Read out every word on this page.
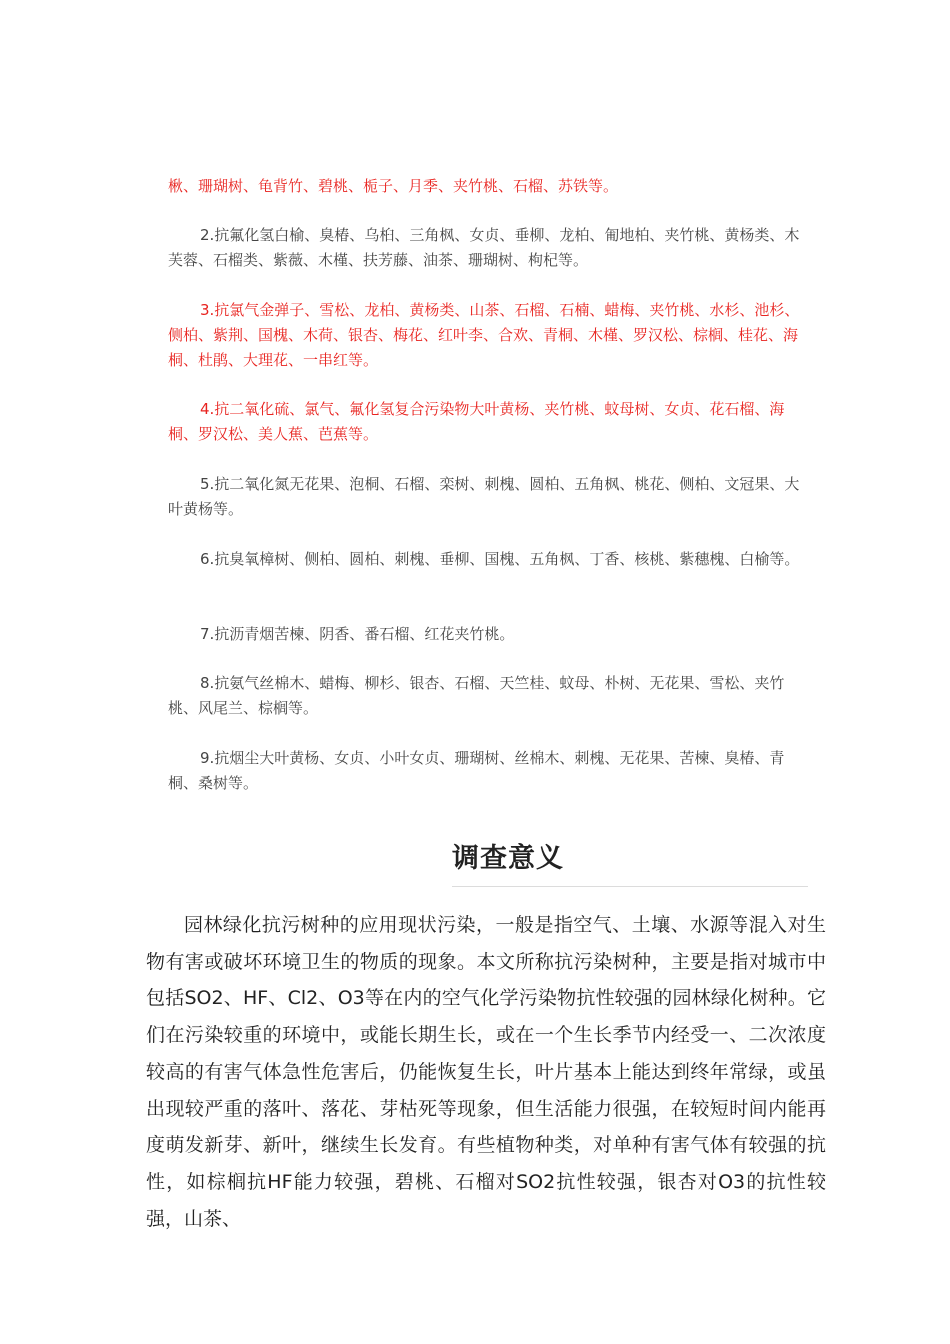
楸、珊瑚树、龟背竹、碧桃、栀子、月季、夹竹桃、石榴、苏铁等。

2.抗氟化氢白榆、臭椿、乌桕、三角枫、女贞、垂柳、龙柏、匍地柏、夹竹桃、黄杨类、木芙蓉、石榴类、紫薇、木槿、扶芳藤、油茶、珊瑚树、枸杞等。

3.抗氯气金弹子、雪松、龙柏、黄杨类、山茶、石榴、石楠、蜡梅、夹竹桃、水杉、池杉、侧柏、紫荆、国槐、木荷、银杏、梅花、红叶李、合欢、青桐、木槿、罗汉松、棕榈、桂花、海桐、杜鹃、大理花、一串红等。

4.抗二氧化硫、氯气、氟化氢复合污染物大叶黄杨、夹竹桃、蚊母树、女贞、花石榴、海桐、罗汉松、美人蕉、芭蕉等。

5.抗二氧化氮无花果、泡桐、石榴、栾树、刺槐、圆柏、五角枫、桃花、侧柏、文冠果、大叶黄杨等。

6.抗臭氧樟树、侧柏、圆柏、刺槐、垂柳、国槐、五角枫、丁香、核桃、紫穗槐、白榆等。

7.抗沥青烟苦楝、阴香、番石榴、红花夹竹桃。

8.抗氨气丝棉木、蜡梅、柳杉、银杏、石榴、天竺桂、蚊母、朴树、无花果、雪松、夹竹桃、风尾兰、棕榈等。

9.抗烟尘大叶黄杨、女贞、小叶女贞、珊瑚树、丝棉木、刺槐、无花果、苦楝、臭椿、青桐、桑树等。

调查意义

园林绿化抗污树种的应用现状污染，一般是指空气、土壤、水源等混入对生物有害或破坏环境卫生的物质的现象。本文所称抗污染树种，主要是指对城市中包括SO2、HF、Cl2、O3等在内的空气化学污染物抗性较强的园林绿化树种。它们在污染较重的环境中，或能长期生长，或在一个生长季节内经受一、二次浓度较高的有害气体急性危害后，仍能恢复生长，叶片基本上能达到终年常绿，或虽出现较严重的落叶、落花、芽枯死等现象，但生活能力很强，在较短时间内能再度萌发新芽、新叶，继续生长发育。有些植物种类，对单种有害气体有较强的抗性，如棕榈抗HF能力较强，碧桃、石榴对SO2抗性较强，银杏对O3的抗性较强，山茶、
